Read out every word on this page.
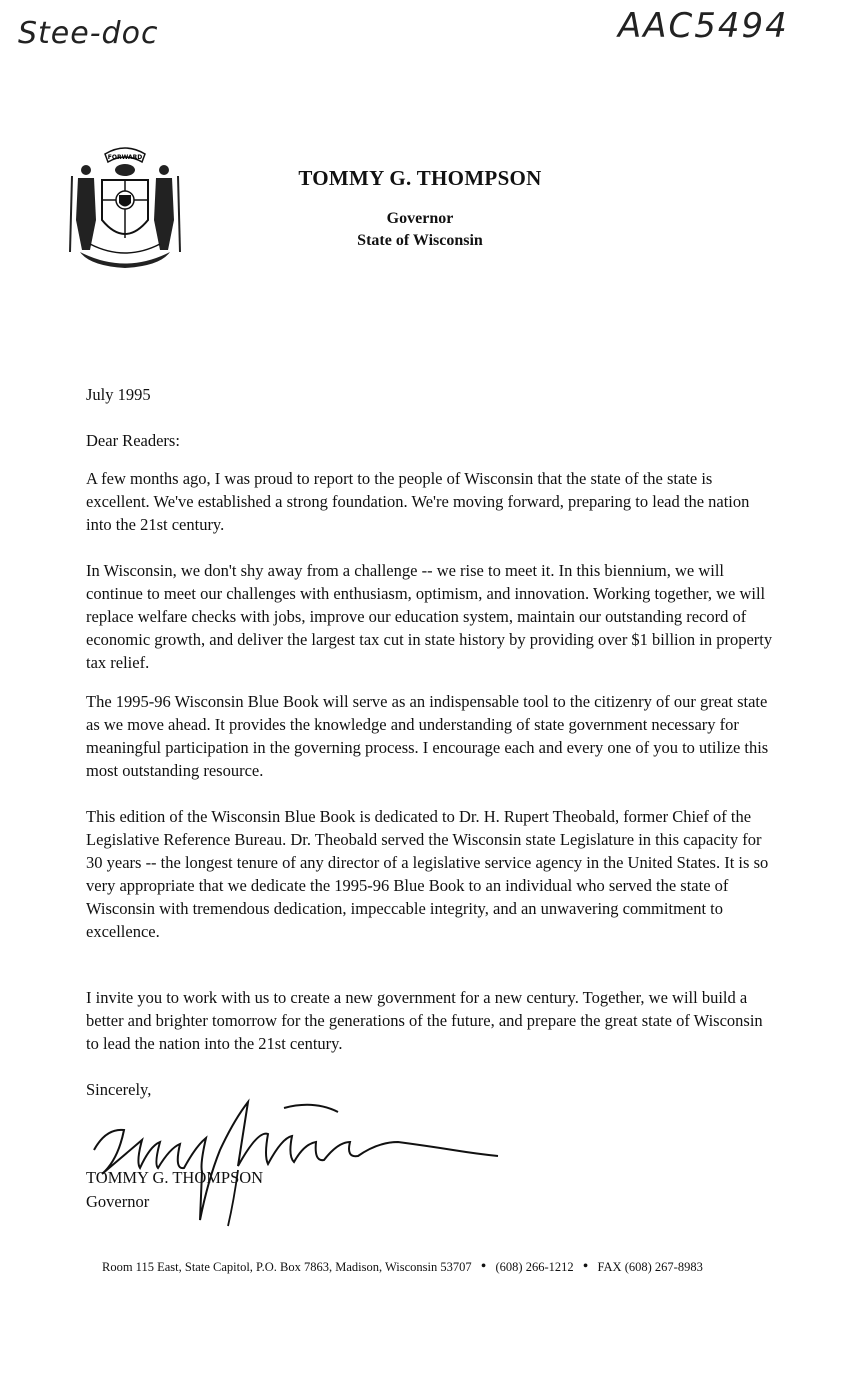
Stee-doc	AAC5494
FORWARD
TOMMY G. THOMPSON
Governor
State of Wisconsin
July 1995
Dear Readers:

A few months ago, I was proud to report to the people of Wisconsin that the state of the state is excellent. We've established a strong foundation. We're moving forward, preparing to lead the nation into the 21st century.

In Wisconsin, we don't shy away from a challenge -- we rise to meet it. In this biennium, we will continue to meet our challenges with enthusiasm, optimism, and innovation. Working together, we will replace welfare checks with jobs, improve our education system, maintain our outstanding record of economic growth, and deliver the largest tax cut in state history by providing over $1 billion in property tax relief.

The 1995-96 Wisconsin Blue Book will serve as an indispensable tool to the citizenry of our great state as we move ahead. It provides the knowledge and understanding of state government necessary for meaningful participation in the governing process. I encourage each and every one of you to utilize this most outstanding resource.

This edition of the Wisconsin Blue Book is dedicated to Dr. H. Rupert Theobald, former Chief of the Legislative Reference Bureau. Dr. Theobald served the Wisconsin state Legislature in this capacity for 30 years -- the longest tenure of any director of a legislative service agency in the United States. It is so very appropriate that we dedicate the 1995-96 Blue Book to an individual who served the state of Wisconsin with tremendous dedication, impeccable integrity, and an unwavering commitment to excellence.

I invite you to work with us to create a new government for a new century. Together, we will build a better and brighter tomorrow for the generations of the future, and prepare the great state of Wisconsin to lead the nation into the 21st century.

Sincerely,
TOMMY G. THOMPSON
Governor
Room 115 East, State Capitol, P.O. Box 7863, Madison, Wisconsin 53707 • (608) 266-1212 • FAX (608) 267-8983
